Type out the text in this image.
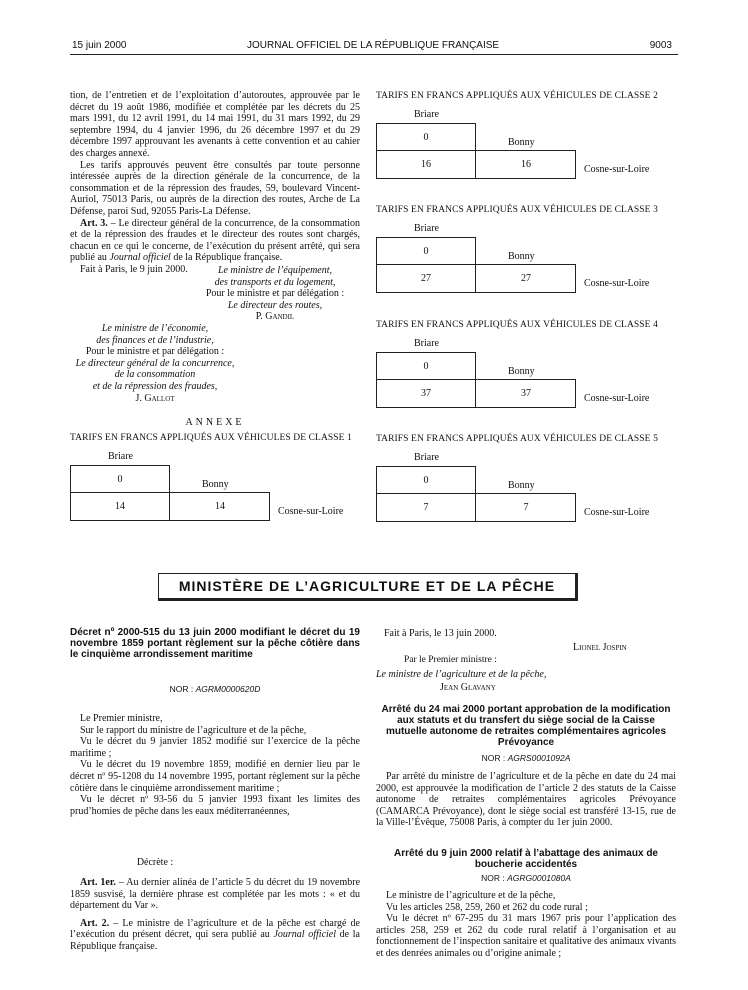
15 juin 2000	JOURNAL OFFICIEL DE LA RÉPUBLIQUE FRANÇAISE	9003

tion, de l’entretien et de l’exploitation d’autoroutes, approuvée par le décret du 19 août 1986, modifiée et complétée par les décrets du 25 mars 1991, du 12 avril 1991, du 14 mai 1991, du 31 mars 1992, du 29 septembre 1994, du 4 janvier 1996, du 26 décembre 1997 et du 29 décembre 1997 approuvant les avenants à cette convention et au cahier des charges annexé.

Les tarifs approuvés peuvent être consultés par toute personne intéressée auprès de la direction générale de la concurrence, de la consommation et de la répression des fraudes, 59, boulevard Vincent-Auriol, 75013 Paris, ou auprès de la direction des routes, Arche de La Défense, paroi Sud, 92055 Paris-La Défense.

Art. 3. – Le directeur général de la concurrence, de la consommation et de la répression des fraudes et le directeur des routes sont chargés, chacun en ce qui le concerne, de l’exécution du présent arrêté, qui sera publié au Journal officiel de la République française.

Fait à Paris, le 9 juin 2000.	Le ministre de l’équipement,
des transports et du logement,
Pour le ministre et par délégation :
Le directeur des routes,
P. Gandil
Le ministre de l’économie,
des finances et de l’industrie,
Pour le ministre et par délégation :
Le directeur général de la concurrence,
de la consommation
et de la répression des fraudes,
J. Gallot
ANNEXE
TARIFS EN FRANCS APPLIQUÉS AUX VÉHICULES DE CLASSE 1
Briare
0	Bonny
14	14	Cosne-sur-Loire
TARIFS EN FRANCS APPLIQUÉS AUX VÉHICULES DE CLASSE 2
Briare
0	Bonny
16	16	Cosne-sur-Loire
TARIFS EN FRANCS APPLIQUÉS AUX VÉHICULES DE CLASSE 3
Briare
0	Bonny
27	27	Cosne-sur-Loire
TARIFS EN FRANCS APPLIQUÉS AUX VÉHICULES DE CLASSE 4
Briare
0	Bonny
37	37	Cosne-sur-Loire
TARIFS EN FRANCS APPLIQUÉS AUX VÉHICULES DE CLASSE 5
Briare
0	Bonny
7	7	Cosne-sur-Loire
MINISTÈRE DE L’AGRICULTURE ET DE LA PÊCHE
Décret nº 2000-515 du 13 juin 2000 modifiant le décret du 19 novembre 1859 portant règlement sur la pêche côtière dans le cinquième arrondissement maritime
NOR : AGRM0000620D

Le Premier ministre,

Sur le rapport du ministre de l’agriculture et de la pêche,

Vu le décret du 9 janvier 1852 modifié sur l’exercice de la pêche maritime ;

Vu le décret du 19 novembre 1859, modifié en dernier lieu par le décret nº 95-1208 du 14 novembre 1995, portant règlement sur la pêche côtière dans le cinquième arrondissement maritime ;

Vu le décret nº 93-56 du 5 janvier 1993 fixant les limites des prud’homies de pêche dans les eaux méditerranéennes,

Décrète :

Art. 1er. – Au dernier alinéa de l’article 5 du décret du 19 novembre 1859 susvisé, la dernière phrase est complétée par les mots : « et du département du Var ».

Art. 2. – Le ministre de l’agriculture et de la pêche est chargé de l’exécution du présent décret, qui sera publié au Journal officiel de la République française.

Fait à Paris, le 13 juin 2000.
Lionel Jospin
Par le Premier ministre :
Le ministre de l’agriculture et de la pêche,
Jean Glavany
Arrêté du 24 mai 2000 portant approbation de la modification aux statuts et du transfert du siège social de la Caisse mutuelle autonome de retraites complémentaires agricoles Prévoyance
NOR : AGRS0001092A

Par arrêté du ministre de l’agriculture et de la pêche en date du 24 mai 2000, est approuvée la modification de l’article 2 des statuts de la Caisse autonome de retraites complémentaires agricoles Prévoyance (CAMARCA Prévoyance), dont le siège social est transféré 13-15, rue de la Ville-l’Évêque, 75008 Paris, à compter du 1er juin 2000.

Arrêté du 9 juin 2000 relatif à l’abattage des animaux de boucherie accidentés
NOR : AGRG0001080A

Le ministre de l’agriculture et de la pêche,

Vu les articles 258, 259, 260 et 262 du code rural ;

Vu le décret nº 67-295 du 31 mars 1967 pris pour l’application des articles 258, 259 et 262 du code rural relatif à l’organisation et au fonctionnement de l’inspection sanitaire et qualitative des animaux vivants et des denrées animales ou d’origine animale ;
